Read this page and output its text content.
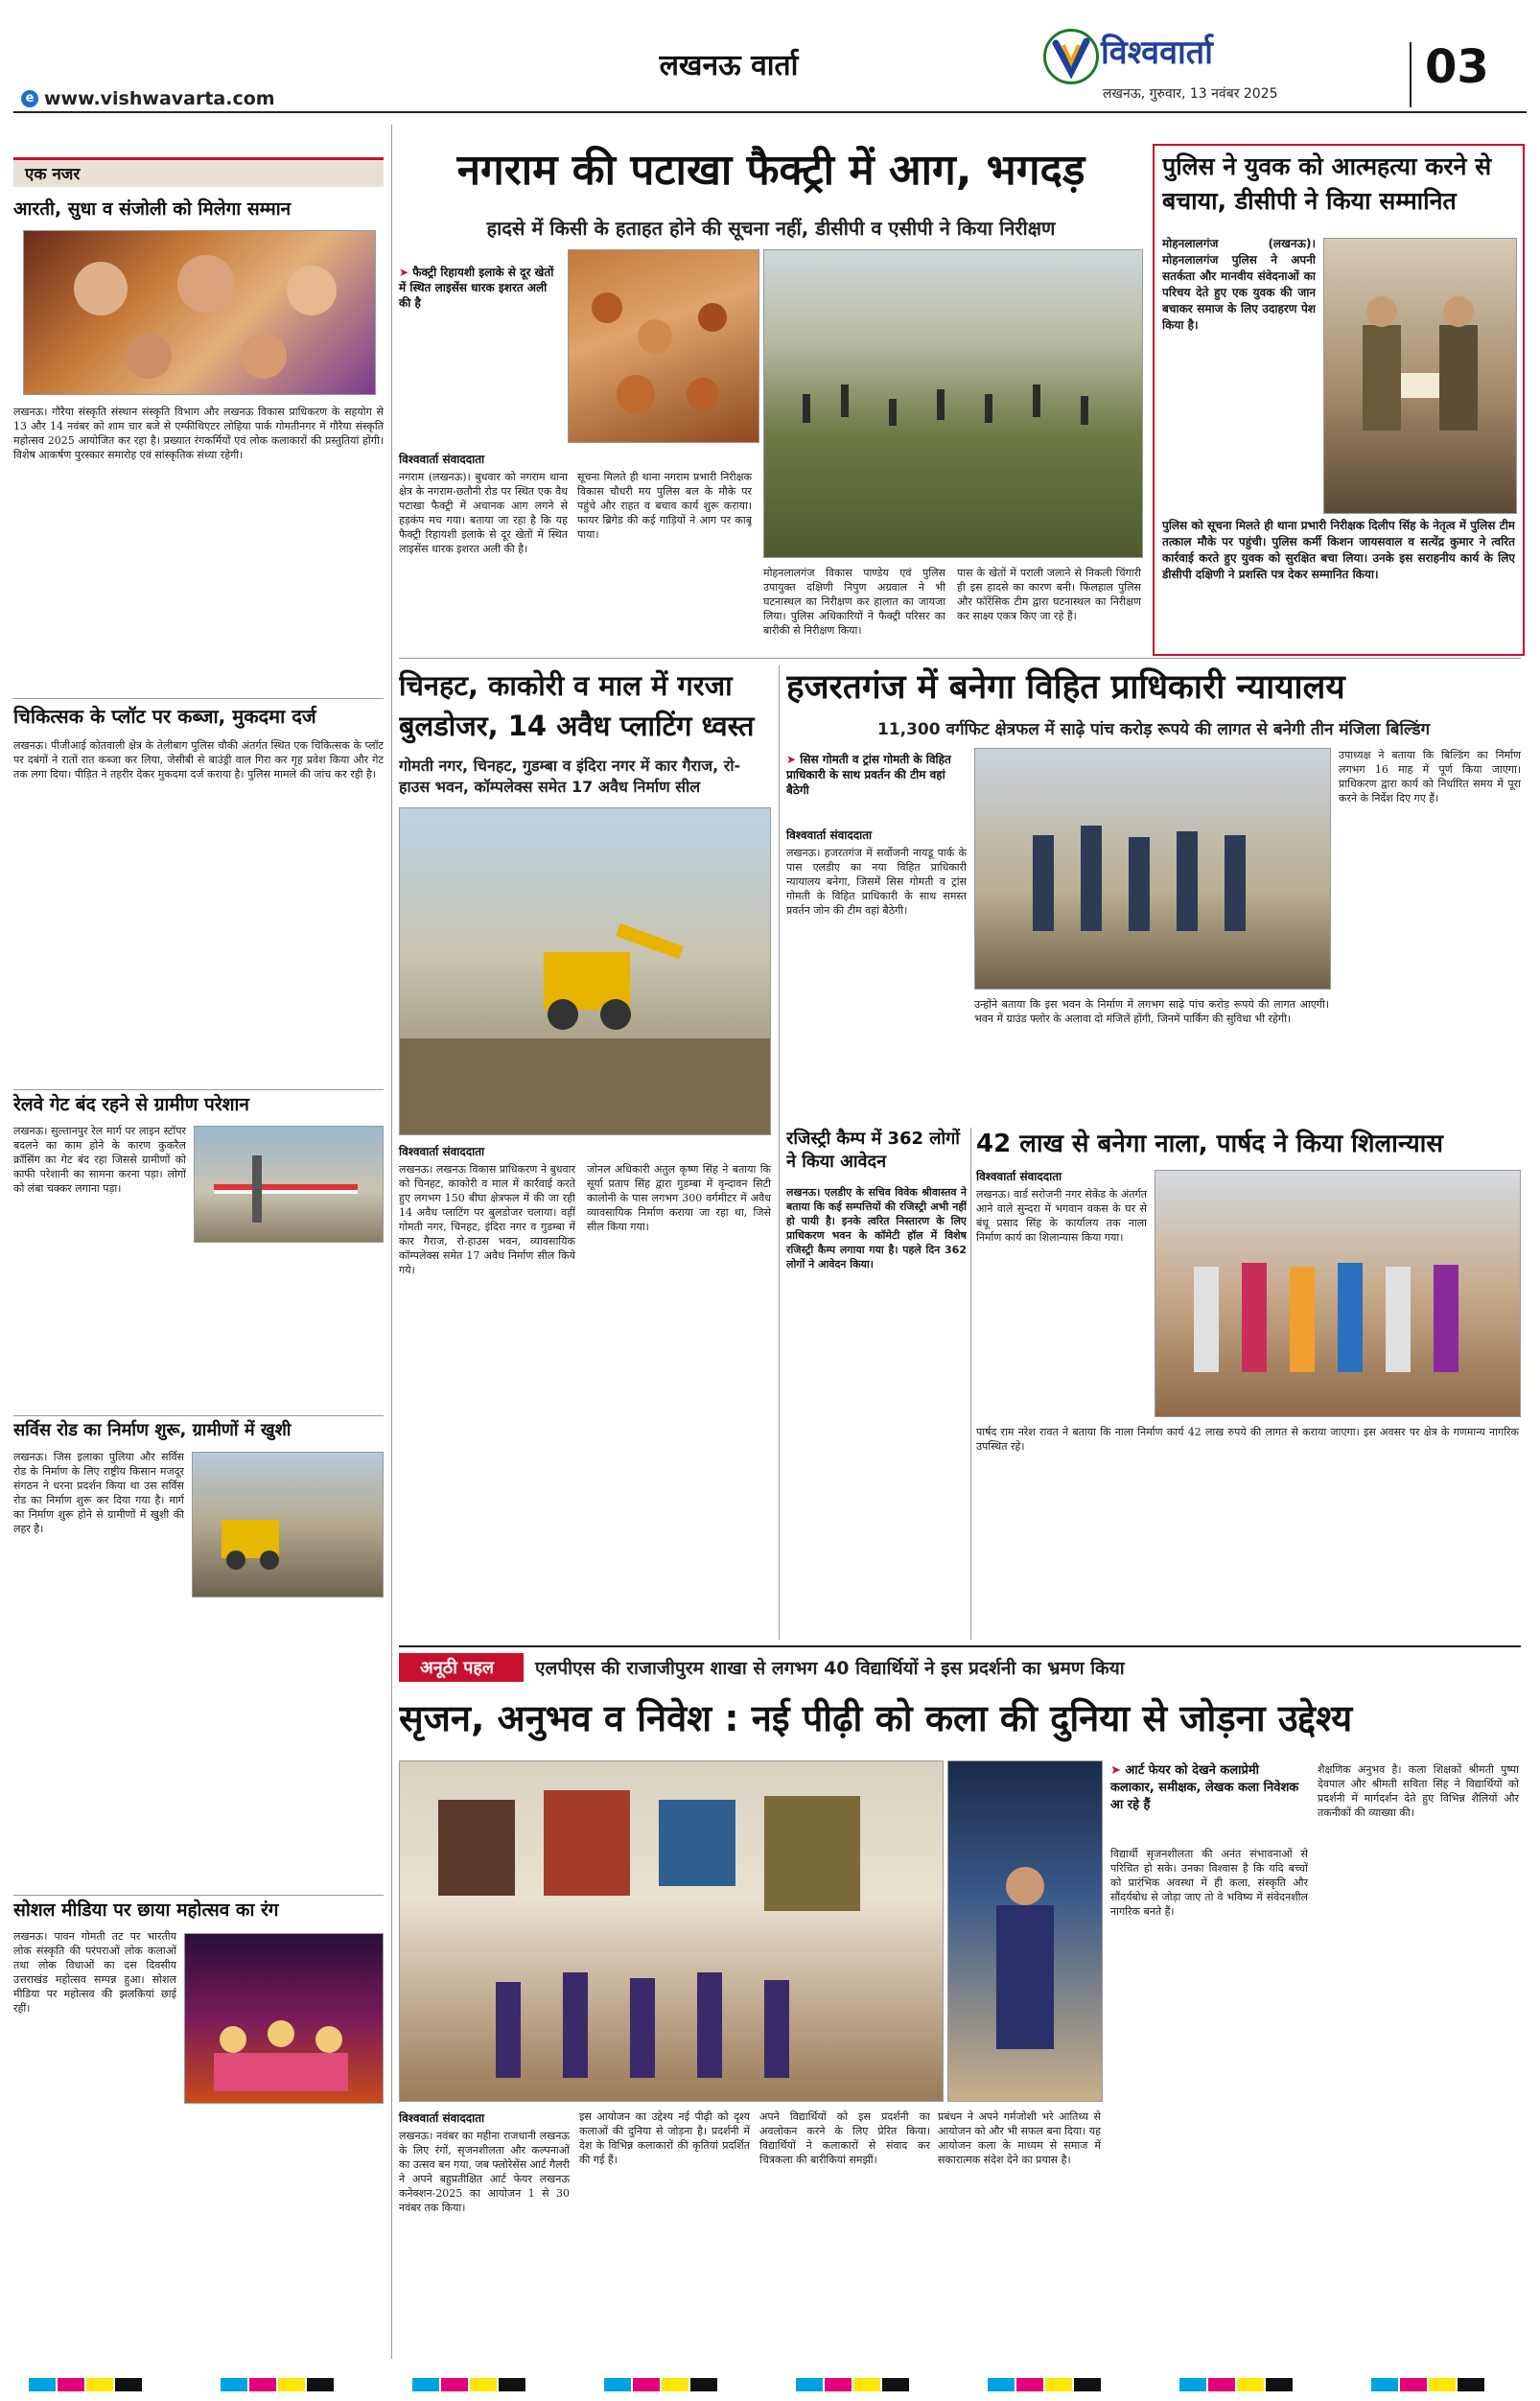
लखनऊ वार्ता
e www.vishwavarta.com
विश्ववार्ता
लखनऊ, गुरुवार, 13 नवंबर 2025	03
एक नजर
आरती, सुधा व संजोली को मिलेगा सम्मान
लखनऊ। गौरैया संस्कृति संस्थान संस्कृति विभाग और लखनऊ विकास प्राधिकरण के सहयोग से 13 और 14 नवंबर को शाम चार बजे से एम्फीथिएटर लोहिया पार्क गोमतीनगर में गौरैया संस्कृति महोत्सव 2025 आयोजित कर रहा है। प्रख्यात रंगकर्मियों एवं लोक कलाकारों की प्रस्तुतियां होंगी। विशेष आकर्षण पुरस्कार समारोह एवं सांस्कृतिक संध्या रहेगी।
चिकित्सक के प्लॉट पर कब्जा, मुकदमा दर्ज
लखनऊ। पीजीआई कोतवाली क्षेत्र के तेलीबाग पुलिस चौकी अंतर्गत स्थित एक चिकित्सक के प्लॉट पर दबंगों ने रातों रात कब्जा कर लिया, जेसीबी से बाउंड्री वाल गिरा कर गृह प्रवेश किया और गेट तक लगा दिया। पीड़ित ने तहरीर देकर मुकदमा दर्ज कराया है। पुलिस मामले की जांच कर रही है।
रेलवे गेट बंद रहने से ग्रामीण परेशान
लखनऊ। सुल्तानपुर रेल मार्ग पर लाइन स्टॉपर बदलने का काम होने के कारण कुकरैल क्रॉसिंग का गेट बंद रहा जिससे ग्रामीणों को काफी परेशानी का सामना करना पड़ा। लोगों को लंबा चक्कर लगाना पड़ा।
सर्विस रोड का निर्माण शुरू, ग्रामीणों में खुशी
लखनऊ। जिस इलाका पुलिया और सर्विस रोड के निर्माण के लिए राष्ट्रीय किसान मजदूर संगठन ने धरना प्रदर्शन किया था उस सर्विस रोड का निर्माण शुरू कर दिया गया है। मार्ग का निर्माण शुरू होने से ग्रामीणों में खुशी की लहर है।
सोशल मीडिया पर छाया महोत्सव का रंग
लखनऊ। पावन गोमती तट पर भारतीय लोक संस्कृति की परंपराओं लोक कलाओं तथा लोक विधाओं का दस दिवसीय उत्तराखंड महोत्सव सम्पन्न हुआ। सोशल मीडिया पर महोत्सव की झलकियां छाई रहीं।
नगराम की पटाखा फैक्ट्री में आग, भगदड़
हादसे में किसी के हताहत होने की सूचना नहीं, डीसीपी व एसीपी ने किया निरीक्षण
➤ फैक्ट्री रिहायशी इलाके से दूर खेतों में स्थित लाइसेंस धारक इशरत अली की है
विश्ववार्ता संवाददाता
नगराम (लखनऊ)। बुधवार को नगराम थाना क्षेत्र के नगराम-छतौनी रोड पर स्थित एक वैध पटाखा फैक्ट्री में अचानक आग लगने से हड़कंप मच गया। बताया जा रहा है कि यह फैक्ट्री रिहायशी इलाके से दूर खेतों में स्थित लाइसेंस धारक इशरत अली की है।
सूचना मिलते ही थाना नगराम प्रभारी निरीक्षक विकास चौधरी मय पुलिस बल के मौके पर पहुंचे और राहत व बचाव कार्य शुरू कराया। फायर ब्रिगेड की कई गाड़ियों ने आग पर काबू पाया।
मोहनलालगंज विकास पाण्डेय एवं पुलिस उपायुक्त दक्षिणी निपुण अग्रवाल ने भी घटनास्थल का निरीक्षण कर हालात का जायजा लिया। पुलिस अधिकारियों ने फैक्ट्री परिसर का बारीकी से निरीक्षण किया।
पास के खेतों में पराली जलाने से निकली चिंगारी ही इस हादसे का कारण बनी। फिलहाल पुलिस और फॉरेंसिक टीम द्वारा घटनास्थल का निरीक्षण कर साक्ष्य एकत्र किए जा रहे हैं।
पुलिस ने युवक को आत्महत्या करने से बचाया, डीसीपी ने किया सम्मानित
मोहनलालगंज (लखनऊ)। मोहनलालगंज पुलिस ने अपनी सतर्कता और मानवीय संवेदनाओं का परिचय देते हुए एक युवक की जान बचाकर समाज के लिए उदाहरण पेश किया है।
पुलिस को सूचना मिलते ही थाना प्रभारी निरीक्षक दिलीप सिंह के नेतृत्व में पुलिस टीम तत्काल मौके पर पहुंची। पुलिस कर्मी किशन जायसवाल व सत्येंद्र कुमार ने त्वरित कार्रवाई करते हुए युवक को सुरक्षित बचा लिया। उनके इस सराहनीय कार्य के लिए डीसीपी दक्षिणी ने प्रशस्ति पत्र देकर सम्मानित किया।
चिनहट, काकोरी व माल में गरजा बुलडोजर, 14 अवैध प्लाटिंग ध्वस्त
गोमती नगर, चिनहट, गुडम्बा व इंदिरा नगर में कार गैराज, रो-हाउस भवन, कॉम्पलेक्स समेत 17 अवैध निर्माण सील
विश्ववार्ता संवाददाता
लखनऊ। लखनऊ विकास प्राधिकरण ने बुधवार को चिनहट, काकोरी व माल में कार्रवाई करते हुए लगभग 150 बीघा क्षेत्रफल में की जा रही 14 अवैध प्लाटिंग पर बुलडोजर चलाया। वहीं गोमती नगर, चिनहट, इंदिरा नगर व गुडम्बा में कार गैराज, रो-हाउस भवन, व्यावसायिक कॉम्पलेक्स समेत 17 अवैध निर्माण सील किये गये।
जोनल अधिकारी अतुल कृष्ण सिंह ने बताया कि सूर्या प्रताप सिंह द्वारा गुडम्बा में वृन्दावन सिटी कालोनी के पास लगभग 300 वर्गमीटर में अवैध व्यावसायिक निर्माण कराया जा रहा था, जिसे सील किया गया।
हजरतगंज में बनेगा विहित प्राधिकारी न्यायालय
11,300 वर्गफिट क्षेत्रफल में साढ़े पांच करोड़ रूपये की लागत से बनेगी तीन मंजिला बिल्डिंग
➤ सिस गोमती व ट्रांस गोमती के विहित प्राधिकारी के साथ प्रवर्तन की टीम वहां बैठेगी
विश्ववार्ता संवाददाता
लखनऊ। हजरतगंज में सर्वोजनी नायडू पार्क के पास एलडीए का नया विहित प्राधिकारी न्यायालय बनेगा, जिसमें सिस गोमती व ट्रांस गोमती के विहित प्राधिकारी के साथ समस्त प्रवर्तन जोन की टीम वहां बैठेगी।
उन्होंने बताया कि इस भवन के निर्माण में लगभग साढ़े पांच करोड़ रूपये की लागत आएगी। भवन में ग्राउंड फ्लोर के अलावा दो मंजिलें होंगी, जिनमें पार्किंग की सुविधा भी रहेगी।
उपाध्यक्ष ने बताया कि बिल्डिंग का निर्माण लगभग 16 माह में पूर्ण किया जाएगा। प्राधिकरण द्वारा कार्य को निर्धारित समय में पूरा करने के निर्देश दिए गए हैं।
रजिस्ट्री कैम्प में 362 लोगों ने किया आवेदन
लखनऊ। एलडीए के सचिव विवेक श्रीवास्तव ने बताया कि कई सम्पत्तियों की रजिस्ट्री अभी नहीं हो पायी है। इनके त्वरित निस्तारण के लिए प्राधिकरण भवन के कॉमेटी हॉल में विशेष रजिस्ट्री कैम्प लगाया गया है। पहले दिन 362 लोगों ने आवेदन किया।
42 लाख से बनेगा नाला, पार्षद ने किया शिलान्यास
विश्ववार्ता संवाददाता
लखनऊ। वार्ड सरोजनी नगर सेकेंड के अंतर्गत आने वाले सुन्दरा में भगवान वकस के घर से बंधू प्रसाद सिंह के कार्यालय तक नाला निर्माण कार्य का शिलान्यास किया गया।
पार्षद राम नरेश रावत ने बताया कि नाला निर्माण कार्य 42 लाख रुपये की लागत से कराया जाएगा। इस अवसर पर क्षेत्र के गणमान्य नागरिक उपस्थित रहे।
अनूठी पहल एलपीएस की राजाजीपुरम शाखा से लगभग 40 विद्यार्थियों ने इस प्रदर्शनी का भ्रमण किया
सृजन, अनुभव व निवेश : नई पीढ़ी को कला की दुनिया से जोड़ना उद्देश्य
➤ आर्ट फेयर को देखने कलाप्रेमी कलाकार, समीक्षक, लेखक कला निवेशक आ रहे हैं
विद्यार्थी सृजनशीलता की अनंत संभावनाओं से परिचित हो सके। उनका विश्वास है कि यदि बच्चों को प्रारंभिक अवस्था में ही कला, संस्कृति और सौंदर्यबोध से जोड़ा जाए तो वे भविष्य में संवेदनशील नागरिक बनते हैं।
विश्ववार्ता संवाददाता
लखनऊ। नवंबर का महीना राजधानी लखनऊ के लिए रंगों, सृजनशीलता और कल्पनाओं का उत्सव बन गया, जब फ्लोरेसेंस आर्ट गैलरी ने अपने बहुप्रतीक्षित आर्ट फेयर लखनऊ कनेक्शन-2025 का आयोजन 1 से 30 नवंबर तक किया।
इस आयोजन का उद्देश्य नई पीढ़ी को दृश्य कलाओं की दुनिया से जोड़ना है। प्रदर्शनी में देश के विभिन्न कलाकारों की कृतियां प्रदर्शित की गई हैं।
अपने विद्यार्थियों को इस प्रदर्शनी का अवलोकन करने के लिए प्रेरित किया। विद्यार्थियों ने कलाकारों से संवाद कर चित्रकला की बारीकियां समझीं।
प्रबंधन ने अपने गर्मजोशी भरे आतिथ्य से आयोजन को और भी सफल बना दिया। यह आयोजन कला के माध्यम से समाज में सकारात्मक संदेश देने का प्रयास है।
शैक्षणिक अनुभव है। कला शिक्षकों श्रीमती पुष्पा देवपाल और श्रीमती सविता सिंह ने विद्यार्थियों को प्रदर्शनी में मार्गदर्शन देते हुए विभिन्न शैलियों और तकनीकों की व्याख्या की।
